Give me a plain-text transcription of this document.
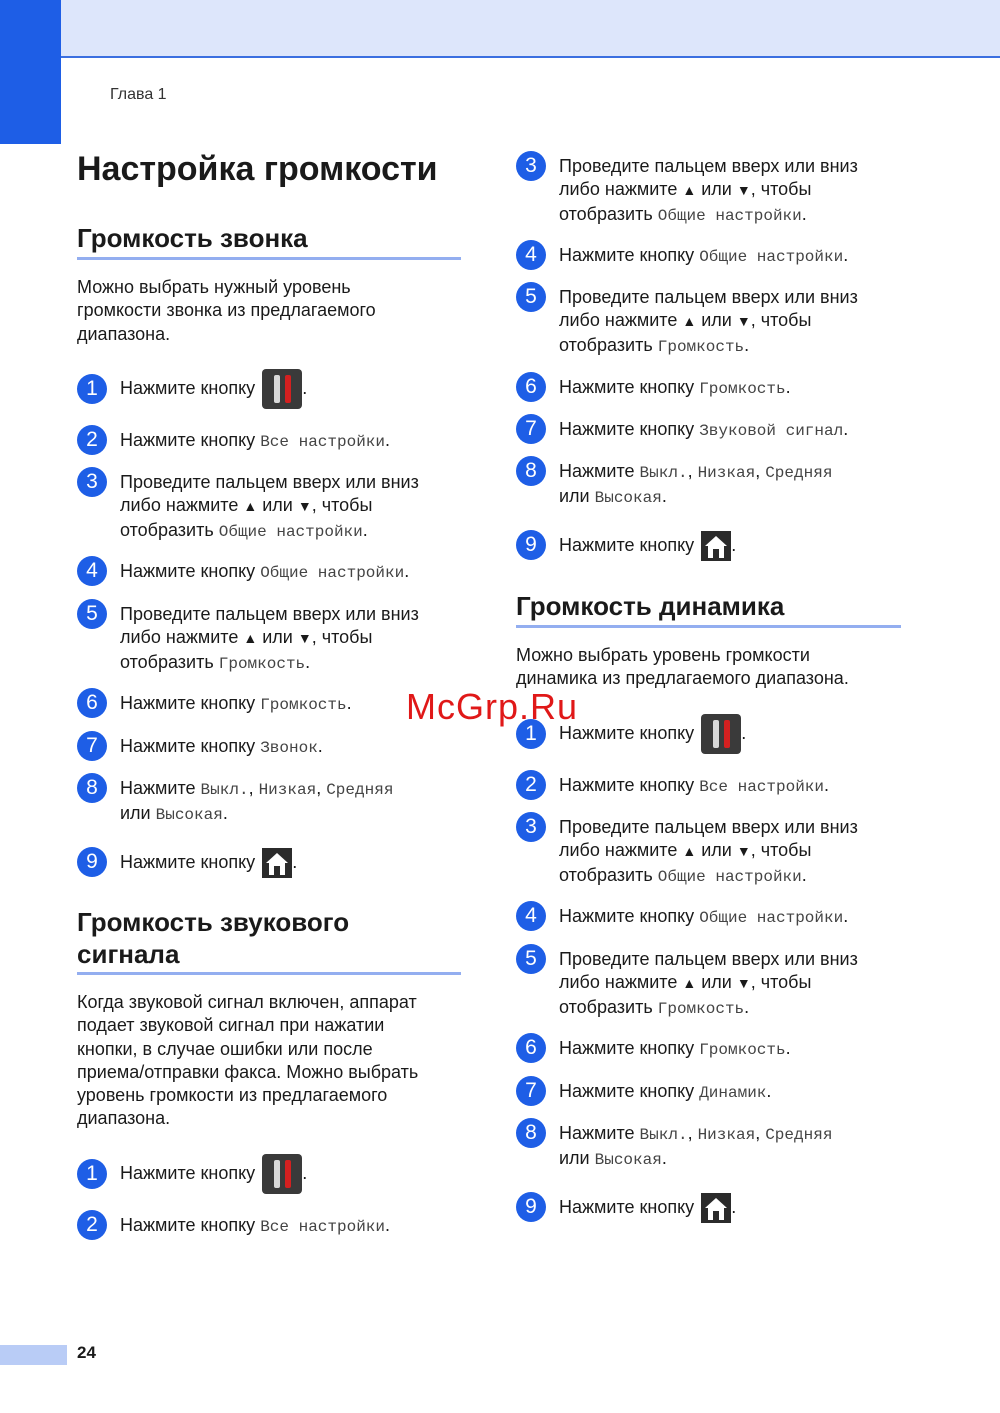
Глава 1
Настройка громкости
Громкость звонка
Можно выбрать нужный уровень
громкости звонка из предлагаемого
диапазона.
1	Нажмите кнопку
.
2	Нажмите кнопку Все настройки.
3	Проведите пальцем вверх или вниз
либо нажмите ▲ или ▼, чтобы
отобразить Общие настройки.
4	Нажмите кнопку Общие настройки.
5	Проведите пальцем вверх или вниз
либо нажмите ▲ или ▼, чтобы
отобразить Громкость.
6	Нажмите кнопку Громкость.
7	Нажмите кнопку Звонок.
8	Нажмите Выкл., Низкая, Средняя
или Высокая.
9	Нажмите кнопку
.
Громкость звукового
сигнала
Когда звуковой сигнал включен, аппарат
подает звуковой сигнал при нажатии
кнопки, в случае ошибки или после
приема/отправки факса. Можно выбрать
уровень громкости из предлагаемого
диапазона.
1	Нажмите кнопку
.
2	Нажмите кнопку Все настройки.
3	Проведите пальцем вверх или вниз
либо нажмите ▲ или ▼, чтобы
отобразить Общие настройки.
4	Нажмите кнопку Общие настройки.
5	Проведите пальцем вверх или вниз
либо нажмите ▲ или ▼, чтобы
отобразить Громкость.
6	Нажмите кнопку Громкость.
7	Нажмите кнопку Звуковой сигнал.
8	Нажмите Выкл., Низкая, Средняя
или Высокая.
9	Нажмите кнопку
.
Громкость динамика
Можно выбрать уровень громкости
динамика из предлагаемого диапазона.
1	Нажмите кнопку
.
2	Нажмите кнопку Все настройки.
3	Проведите пальцем вверх или вниз
либо нажмите ▲ или ▼, чтобы
отобразить Общие настройки.
4	Нажмите кнопку Общие настройки.
5	Проведите пальцем вверх или вниз
либо нажмите ▲ или ▼, чтобы
отобразить Громкость.
6	Нажмите кнопку Громкость.
7	Нажмите кнопку Динамик.
8	Нажмите Выкл., Низкая, Средняя
или Высокая.
9	Нажмите кнопку
.
McGrp.Ru
24
